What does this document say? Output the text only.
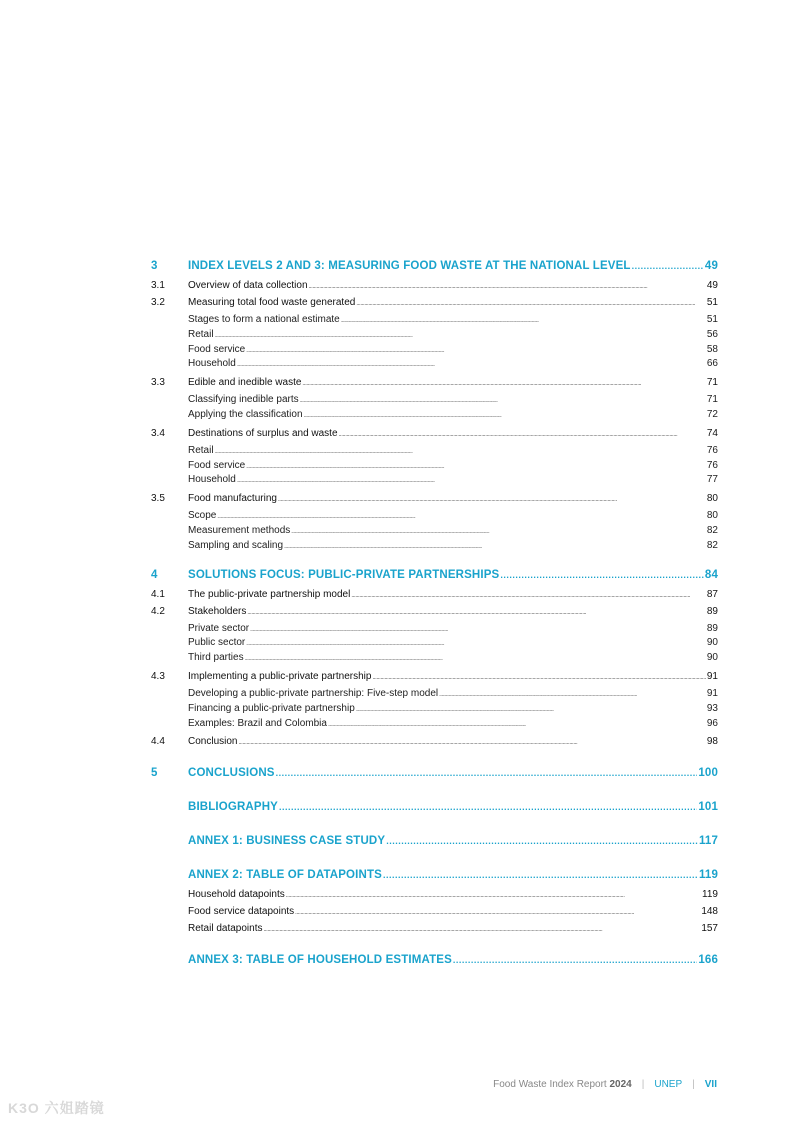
3	INDEX LEVELS 2 AND 3: MEASURING FOOD WASTE AT THE NATIONAL LEVEL . . .	49
3.1	Overview of data collection . . .	49
3.2	Measuring total food waste generated . . .	51
Stages to form a national estimate . . .	51
Retail . . .	56
Food service . . .	58
Household . . .	66
3.3	Edible and inedible waste . . .	71
Classifying inedible parts . . .	71
Applying the classification . . .	72
3.4	Destinations of surplus and waste . . .	74
Retail . . .	76
Food service . . .	76
Household . . .	77
3.5	Food manufacturing . . .	80
Scope . . .	80
Measurement methods . . .	82
Sampling and scaling . . .	82
4	SOLUTIONS FOCUS: PUBLIC-PRIVATE PARTNERSHIPS . . .	84
4.1	The public-private partnership model . . .	87
4.2	Stakeholders . . .	89
Private sector . . .	89
Public sector . . .	90
Third parties . . .	90
4.3	Implementing a public-private partnership . . .	91
Developing a public-private partnership: Five-step model . . .	91
Financing a public-private partnership . . .	93
Examples: Brazil and Colombia . . .	96
4.4	Conclusion . . .	98
5	CONCLUSIONS . . .	100
BIBLIOGRAPHY . . .	101
ANNEX 1: BUSINESS CASE STUDY . . .	117
ANNEX 2: TABLE OF DATAPOINTS . . .	119
Household datapoints . . .	119
Food service datapoints . . .	148
Retail datapoints . . .	157
ANNEX 3: TABLE OF HOUSEHOLD ESTIMATES . . .	166
Food Waste Index Report 2024 | UNEP | VII
K3O 六姐踏镜
